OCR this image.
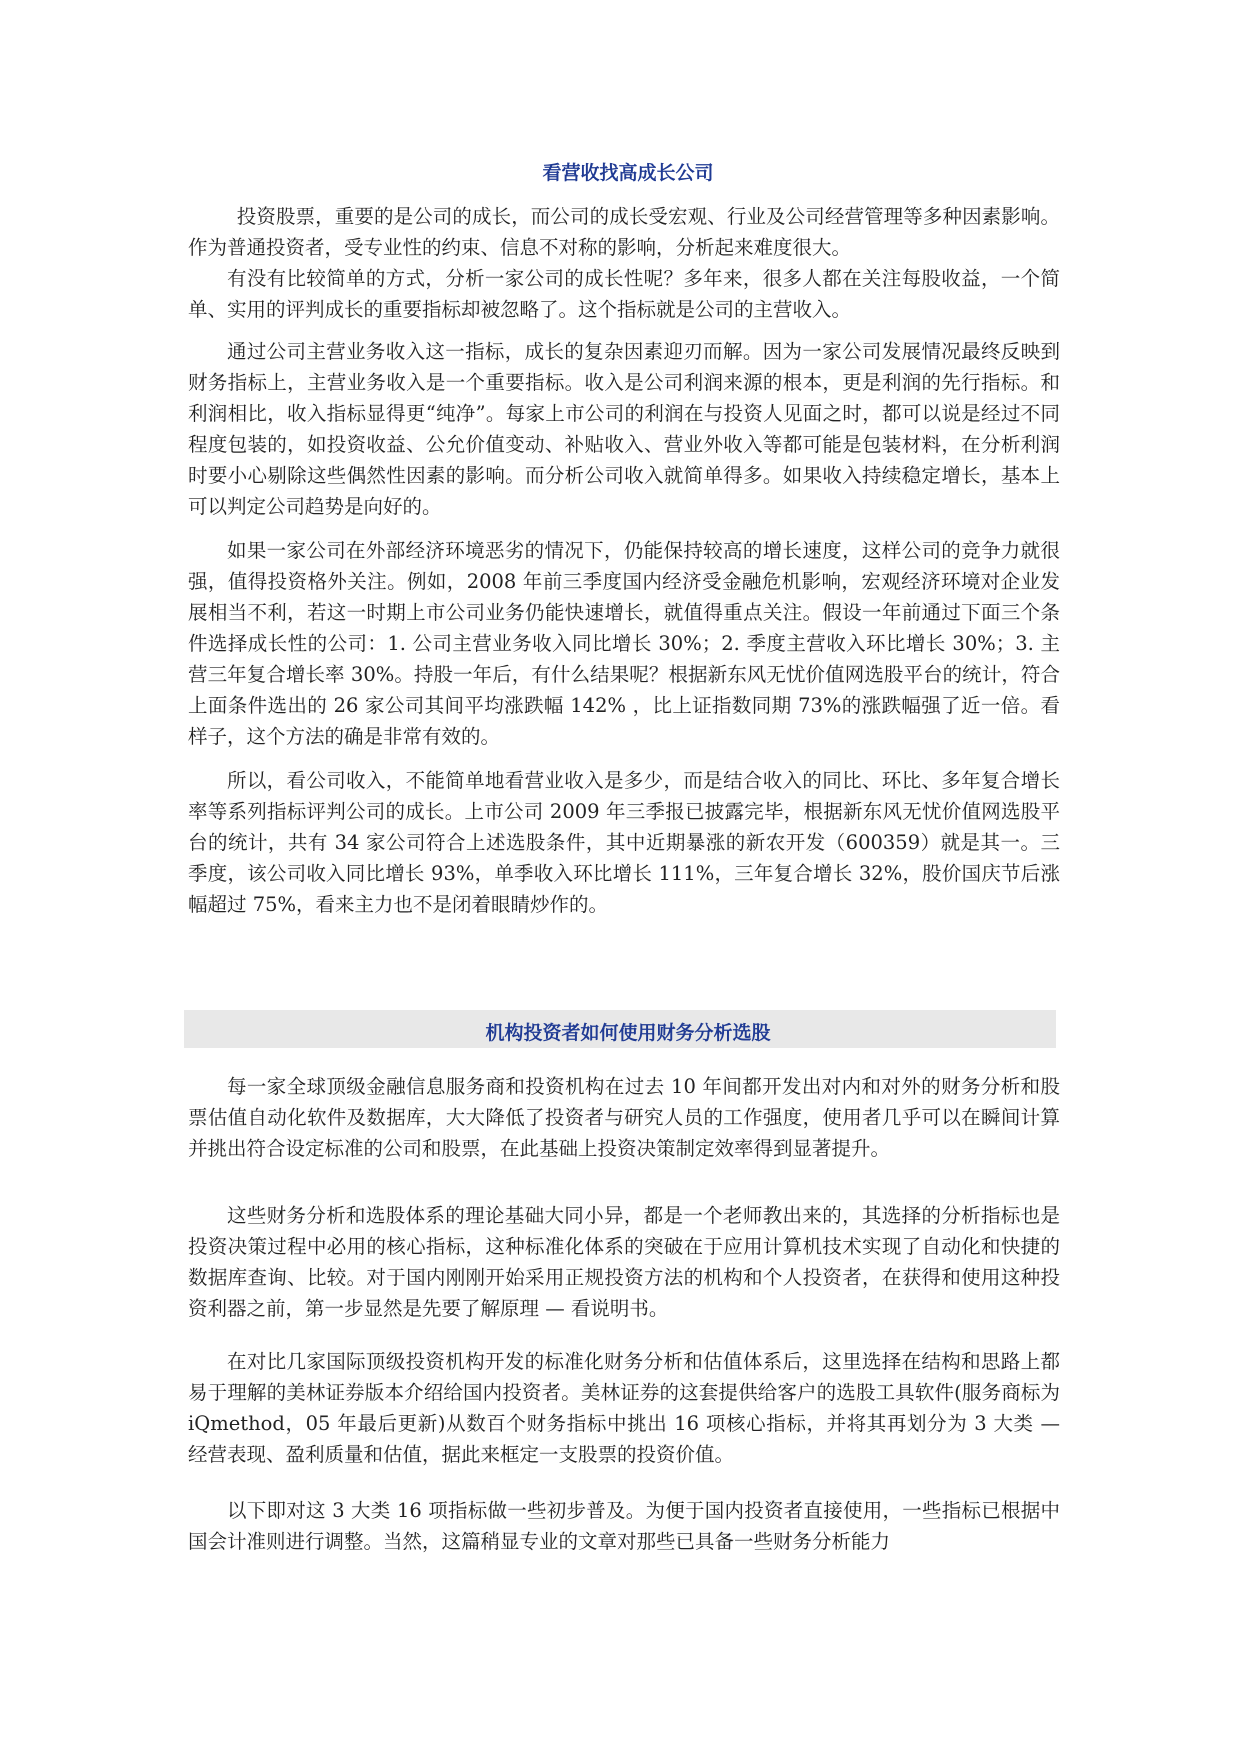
看营收找高成长公司

投资股票，重要的是公司的成长，而公司的成长受宏观、行业及公司经营管理等多种因素影响。作为普通投资者，受专业性的约束、信息不对称的影响，分析起来难度很大。

有没有比较简单的方式，分析一家公司的成长性呢？多年来，很多人都在关注每股收益，一个简单、实用的评判成长的重要指标却被忽略了。这个指标就是公司的主营收入。

通过公司主营业务收入这一指标，成长的复杂因素迎刃而解。因为一家公司发展情况最终反映到财务指标上，主营业务收入是一个重要指标。收入是公司利润来源的根本，更是利润的先行指标。和利润相比，收入指标显得更“纯净”。每家上市公司的利润在与投资人见面之时，都可以说是经过不同程度包装的，如投资收益、公允价值变动、补贴收入、营业外收入等都可能是包装材料，在分析利润时要小心剔除这些偶然性因素的影响。而分析公司收入就简单得多。如果收入持续稳定增长，基本上可以判定公司趋势是向好的。

如果一家公司在外部经济环境恶劣的情况下，仍能保持较高的增长速度，这样公司的竞争力就很强，值得投资格外关注。例如，2008 年前三季度国内经济受金融危机影响，宏观经济环境对企业发展相当不利，若这一时期上市公司业务仍能快速增长，就值得重点关注。假设一年前通过下面三个条件选择成长性的公司：1. 公司主营业务收入同比增长 30%；2. 季度主营收入环比增长 30%；3. 主营三年复合增长率 30%。持股一年后，有什么结果呢？根据新东风无忧价值网选股平台的统计，符合上面条件选出的 26 家公司其间平均涨跌幅 142% ，比上证指数同期 73%的涨跌幅强了近一倍。看样子，这个方法的确是非常有效的。

所以，看公司收入，不能简单地看营业收入是多少，而是结合收入的同比、环比、多年复合增长率等系列指标评判公司的成长。上市公司 2009 年三季报已披露完毕，根据新东风无忧价值网选股平台的统计，共有 34 家公司符合上述选股条件，其中近期暴涨的新农开发（600359）就是其一。三季度，该公司收入同比增长 93%，单季收入环比增长 111%，三年复合增长 32%，股价国庆节后涨幅超过 75%，看来主力也不是闭着眼睛炒作的。

机构投资者如何使用财务分析选股

每一家全球顶级金融信息服务商和投资机构在过去 10 年间都开发出对内和对外的财务分析和股票估值自动化软件及数据库，大大降低了投资者与研究人员的工作强度，使用者几乎可以在瞬间计算并挑出符合设定标准的公司和股票，在此基础上投资决策制定效率得到显著提升。

这些财务分析和选股体系的理论基础大同小异，都是一个老师教出来的，其选择的分析指标也是投资决策过程中必用的核心指标，这种标准化体系的突破在于应用计算机技术实现了自动化和快捷的数据库查询、比较。对于国内刚刚开始采用正规投资方法的机构和个人投资者，在获得和使用这种投资利器之前，第一步显然是先要了解原理 — 看说明书。

在对比几家国际顶级投资机构开发的标准化财务分析和估值体系后，这里选择在结构和思路上都易于理解的美林证券版本介绍给国内投资者。美林证券的这套提供给客户的选股工具软件(服务商标为 iQmethod，05 年最后更新)从数百个财务指标中挑出 16 项核心指标，并将其再划分为 3 大类 — 经营表现、盈利质量和估值，据此来框定一支股票的投资价值。

以下即对这 3 大类 16 项指标做一些初步普及。为便于国内投资者直接使用，一些指标已根据中国会计准则进行调整。当然，这篇稍显专业的文章对那些已具备一些财务分析能力
